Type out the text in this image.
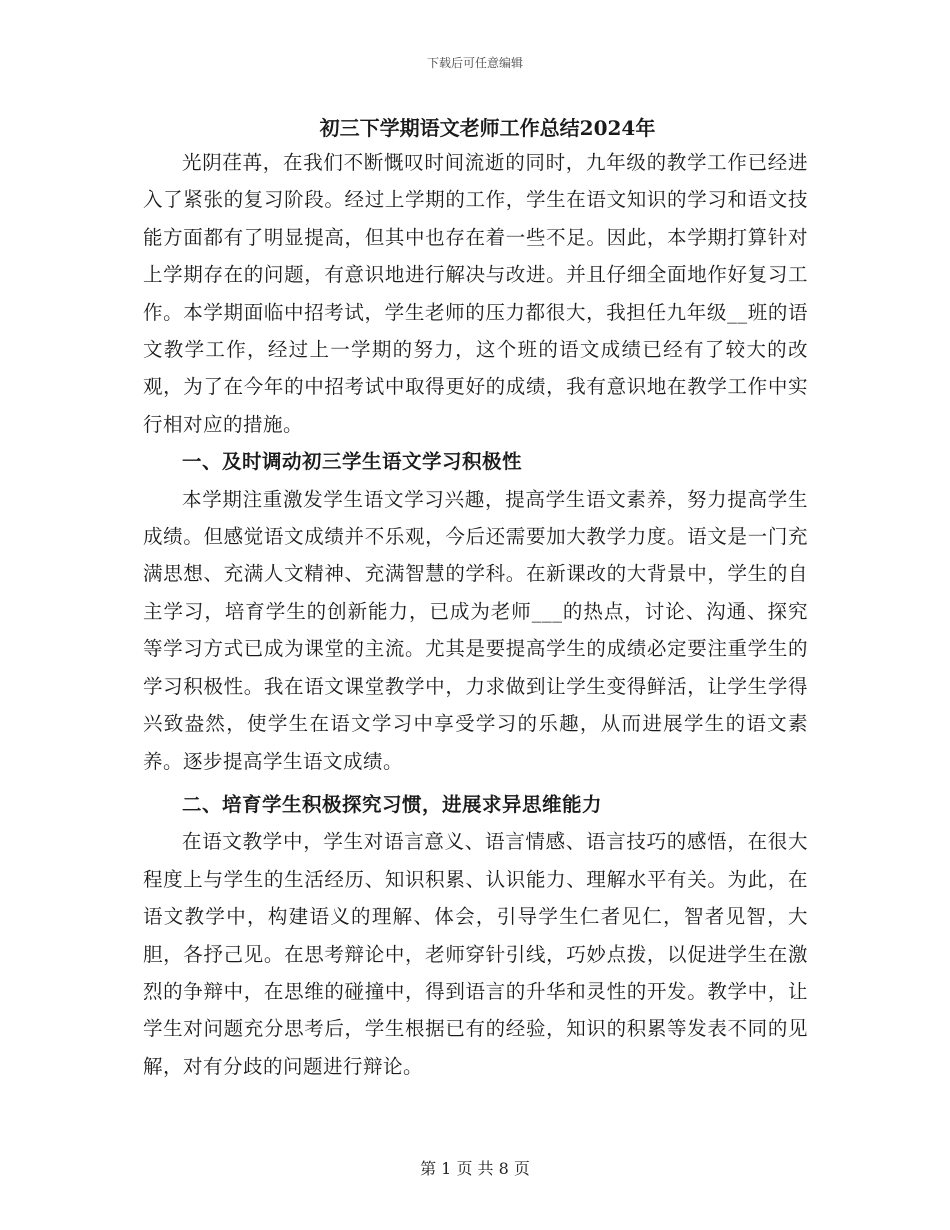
下载后可任意编辑
初三下学期语文老师工作总结2024年

光阴荏苒，在我们不断慨叹时间流逝的同时，九年级的教学工作已经进入了紧张的复习阶段。经过上学期的工作，学生在语文知识的学习和语文技能方面都有了明显提高，但其中也存在着一些不足。因此，本学期打算针对上学期存在的问题，有意识地进行解决与改进。并且仔细全面地作好复习工作。本学期面临中招考试，学生老师的压力都很大，我担任九年级__班的语文教学工作，经过上一学期的努力，这个班的语文成绩已经有了较大的改观，为了在今年的中招考试中取得更好的成绩，我有意识地在教学工作中实行相对应的措施。

一、及时调动初三学生语文学习积极性

本学期注重激发学生语文学习兴趣，提高学生语文素养，努力提高学生成绩。但感觉语文成绩并不乐观，今后还需要加大教学力度。语文是一门充满思想、充满人文精神、充满智慧的学科。在新课改的大背景中，学生的自主学习，培育学生的创新能力，已成为老师___的热点，讨论、沟通、探究等学习方式已成为课堂的主流。尤其是要提高学生的成绩必定要注重学生的学习积极性。我在语文课堂教学中，力求做到让学生变得鲜活，让学生学得兴致盎然，使学生在语文学习中享受学习的乐趣，从而进展学生的语文素养。逐步提高学生语文成绩。

二、培育学生积极探究习惯，进展求异思维能力

在语文教学中，学生对语言意义、语言情感、语言技巧的感悟，在很大程度上与学生的生活经历、知识积累、认识能力、理解水平有关。为此，在语文教学中，构建语义的理解、体会，引导学生仁者见仁，智者见智，大胆，各抒己见。在思考辩论中，老师穿针引线，巧妙点拨，以促进学生在激烈的争辩中，在思维的碰撞中，得到语言的升华和灵性的开发。教学中，让学生对问题充分思考后，学生根据已有的经验，知识的积累等发表不同的见解，对有分歧的问题进行辩论。

第 1 页 共 8 页
